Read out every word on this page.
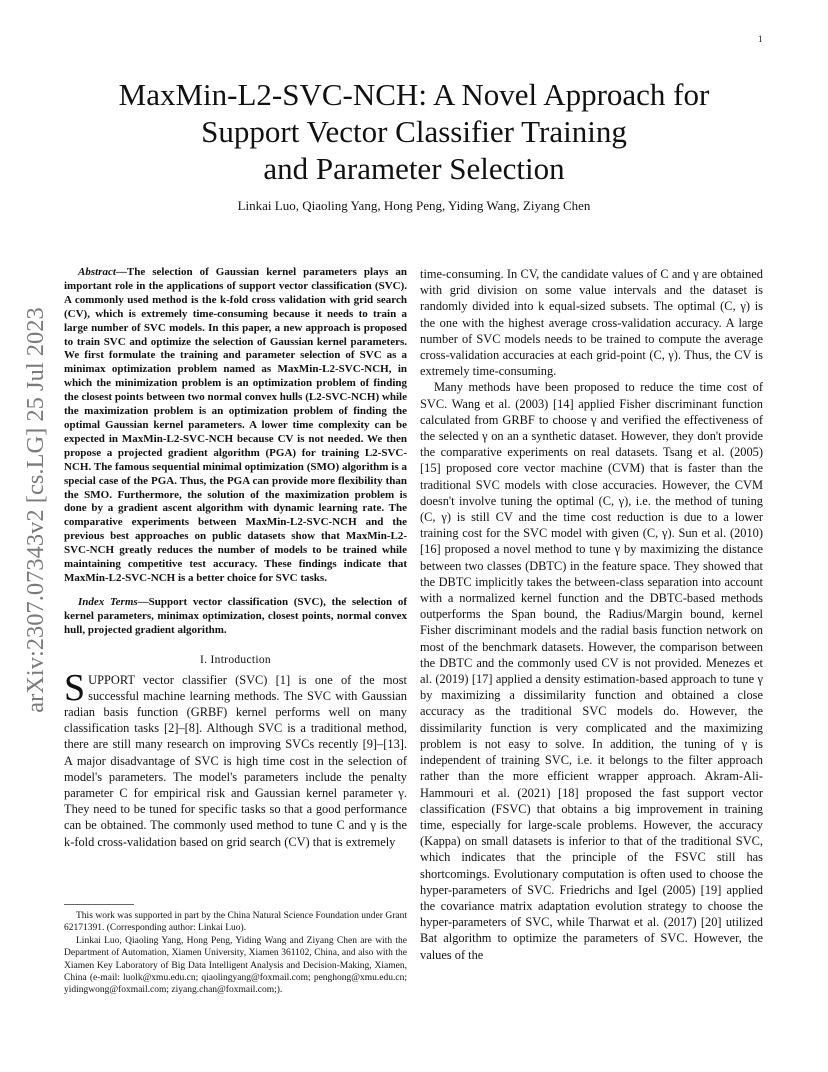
1
arXiv:2307.07343v2 [cs.LG] 25 Jul 2023
MaxMin-L2-SVC-NCH: A Novel Approach for
Support Vector Classifier Training
and Parameter Selection
Linkai Luo, Qiaoling Yang, Hong Peng, Yiding Wang, Ziyang Chen

Abstract—The selection of Gaussian kernel parameters plays an important role in the applications of support vector classification (SVC). A commonly used method is the k-fold cross validation with grid search (CV), which is extremely time-consuming because it needs to train a large number of SVC models. In this paper, a new approach is proposed to train SVC and optimize the selection of Gaussian kernel parameters. We first formulate the training and parameter selection of SVC as a minimax optimization problem named as MaxMin-L2-SVC-NCH, in which the minimization problem is an optimization problem of finding the closest points between two normal convex hulls (L2-SVC-NCH) while the maximization problem is an optimization problem of finding the optimal Gaussian kernel parameters. A lower time complexity can be expected in MaxMin-L2-SVC-NCH because CV is not needed. We then propose a projected gradient algorithm (PGA) for training L2-SVC-NCH. The famous sequential minimal optimization (SMO) algorithm is a special case of the PGA. Thus, the PGA can provide more flexibility than the SMO. Furthermore, the solution of the maximization problem is done by a gradient ascent algorithm with dynamic learning rate. The comparative experiments between MaxMin-L2-SVC-NCH and the previous best approaches on public datasets show that MaxMin-L2-SVC-NCH greatly reduces the number of models to be trained while maintaining competitive test accuracy. These findings indicate that MaxMin-L2-SVC-NCH is a better choice for SVC tasks.

Index Terms—Support vector classification (SVC), the selection of kernel parameters, minimax optimization, closest points, normal convex hull, projected gradient algorithm.

I. Introduction

SUPPORT vector classifier (SVC) [1] is one of the most successful machine learning methods. The SVC with Gaussian radian basis function (GRBF) kernel performs well on many classification tasks [2]–[8]. Although SVC is a traditional method, there are still many research on improving SVCs recently [9]–[13]. A major disadvantage of SVC is high time cost in the selection of model's parameters. The model's parameters include the penalty parameter C for empirical risk and Gaussian kernel parameter γ. They need to be tuned for specific tasks so that a good performance can be obtained. The commonly used method to tune C and γ is the k-fold cross-validation based on grid search (CV) that is extremely

This work was supported in part by the China Natural Science Foundation under Grant 62171391. (Corresponding author: Linkai Luo).

Linkai Luo, Qiaoling Yang, Hong Peng, Yiding Wang and Ziyang Chen are with the Department of Automation, Xiamen University, Xiamen 361102, China, and also with the Xiamen Key Laboratory of Big Data Intelligent Analysis and Decision-Making, Xiamen, China (e-mail: luolk@xmu.edu.cn; qiaolingyang@foxmail.com; penghong@xmu.edu.cn; yidingwong@foxmail.com; ziyang.chan@foxmail.com;).

time-consuming. In CV, the candidate values of C and γ are obtained with grid division on some value intervals and the dataset is randomly divided into k equal-sized subsets. The optimal (C, γ) is the one with the highest average cross-validation accuracy. A large number of SVC models needs to be trained to compute the average cross-validation accuracies at each grid-point (C, γ). Thus, the CV is extremely time-consuming.

Many methods have been proposed to reduce the time cost of SVC. Wang et al. (2003) [14] applied Fisher discriminant function calculated from GRBF to choose γ and verified the effectiveness of the selected γ on an a synthetic dataset. However, they don't provide the comparative experiments on real datasets. Tsang et al. (2005) [15] proposed core vector machine (CVM) that is faster than the traditional SVC models with close accuracies. However, the CVM doesn't involve tuning the optimal (C, γ), i.e. the method of tuning (C, γ) is still CV and the time cost reduction is due to a lower training cost for the SVC model with given (C, γ). Sun et al. (2010) [16] proposed a novel method to tune γ by maximizing the distance between two classes (DBTC) in the feature space. They showed that the DBTC implicitly takes the between-class separation into account with a normalized kernel function and the DBTC-based methods outperforms the Span bound, the Radius/Margin bound, kernel Fisher discriminant models and the radial basis function network on most of the benchmark datasets. However, the comparison between the DBTC and the commonly used CV is not provided. Menezes et al. (2019) [17] applied a density estimation-based approach to tune γ by maximizing a dissimilarity function and obtained a close accuracy as the traditional SVC models do. However, the dissimilarity function is very complicated and the maximizing problem is not easy to solve. In addition, the tuning of γ is independent of training SVC, i.e. it belongs to the filter approach rather than the more efficient wrapper approach. Akram-Ali-Hammouri et al. (2021) [18] proposed the fast support vector classification (FSVC) that obtains a big improvement in training time, especially for large-scale problems. However, the accuracy (Kappa) on small datasets is inferior to that of the traditional SVC, which indicates that the principle of the FSVC still has shortcomings. Evolutionary computation is often used to choose the hyper-parameters of SVC. Friedrichs and Igel (2005) [19] applied the covariance matrix adaptation evolution strategy to choose the hyper-parameters of SVC, while Tharwat et al. (2017) [20] utilized Bat algorithm to optimize the parameters of SVC. However, the values of the
